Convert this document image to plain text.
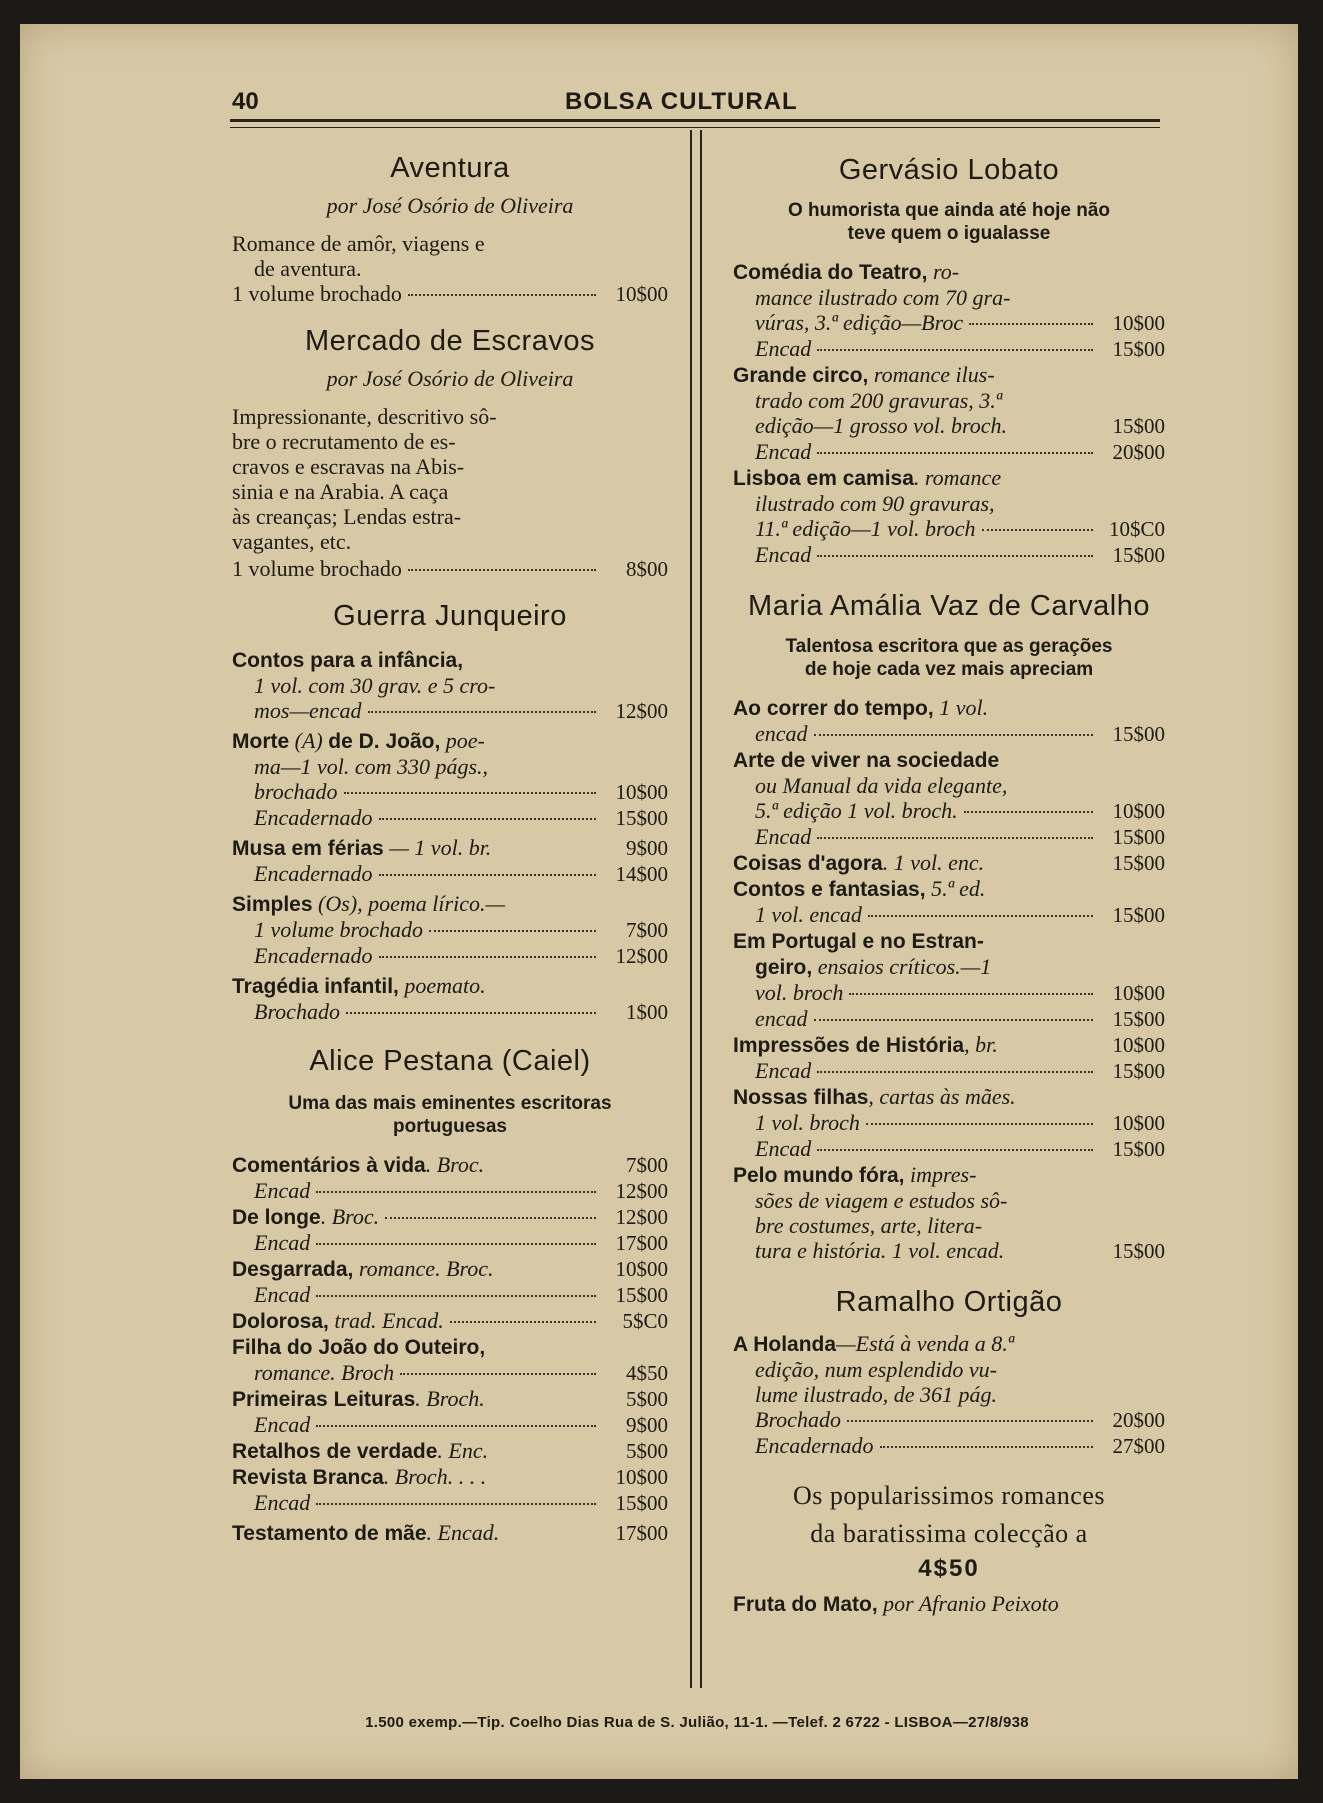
40	BOLSA CULTURAL
Aventura
por José Osório de Oliveira
Romance de amôr, viagens e
de aventura.
1 volume brochado	10$00
Mercado de Escravos
por José Osório de Oliveira
Impressionante, descritivo sô-
bre o recrutamento de es-
cravos e escravas na Abis-
sinia e na Arabia. A caça
às creanças; Lendas estra-
vagantes, etc.
1 volume brochado	8$00
Guerra Junqueiro
Contos para a infância,
1 vol. com 30 grav. e 5 cro-
mos—encad	12$00
Morte (A) de D. João, poe-
ma—1 vol. com 330 págs.,
brochado	10$00
Encadernado	15$00
Musa em férias — 1 vol. br.	9$00
Encadernado	14$00
Simples (Os), poema lírico.—
1 volume brochado	7$00
Encadernado	12$00
Tragédia infantil, poemato.
Brochado	1$00
Alice Pestana (Caiel)
Uma das mais eminentes escritoras
portuguesas
Comentários à vida. Broc.	7$00
Encad	12$00
De longe. Broc.	12$00
Encad	17$00
Desgarrada, romance. Broc.	10$00
Encad	15$00
Dolorosa, trad. Encad.	5$C0
Filha do João do Outeiro,
romance. Broch	4$50
Primeiras Leituras. Broch.	5$00
Encad	9$00
Retalhos de verdade. Enc.	5$00
Revista Branca. Broch. . . .	10$00
Encad	15$00
Testamento de mãe. Encad.	17$00
Gervásio Lobato
O humorista que ainda até hoje não
teve quem o igualasse
Comédia do Teatro, ro-
mance ilustrado com 70 gra-
vúras, 3.ª edição—Broc	10$00
Encad	15$00
Grande circo, romance ilus-
trado com 200 gravuras, 3.ª
edição—1 grosso vol. broch.	15$00
Encad	20$00
Lisboa em camisa. romance
ilustrado com 90 gravuras,
11.ª edição—1 vol. broch	10$C0
Encad	15$00
Maria Amália Vaz de Carvalho
Talentosa escritora que as gerações
de hoje cada vez mais apreciam
Ao correr do tempo, 1 vol.
encad	15$00
Arte de viver na sociedade
ou Manual da vida elegante,
5.ª edição 1 vol. broch.	10$00
Encad	15$00
Coisas d'agora. 1 vol. enc.	15$00
Contos e fantasias, 5.ª ed.
1 vol. encad	15$00
Em Portugal e no Estran-
geiro, ensaios críticos.—1
vol. broch	10$00
encad	15$00
Impressões de História, br.	10$00
Encad	15$00
Nossas filhas, cartas às mães.
1 vol. broch	10$00
Encad	15$00
Pelo mundo fóra, impres-
sões de viagem e estudos sô-
bre costumes, arte, litera-
tura e história. 1 vol. encad.	15$00
Ramalho Ortigão
A Holanda—Está à venda a 8.ª
edição, num esplendido vu-
lume ilustrado, de 361 pág.
Brochado	20$00
Encadernado	27$00
Os popularissimos romances
da baratissima colecção a
4$50
Fruta do Mato, por Afranio Peixoto
1.500 exemp.—Tip. Coelho Dias Rua de S. Julião, 11-1. —Telef. 2 6722 - LISBOA—27/8/938
